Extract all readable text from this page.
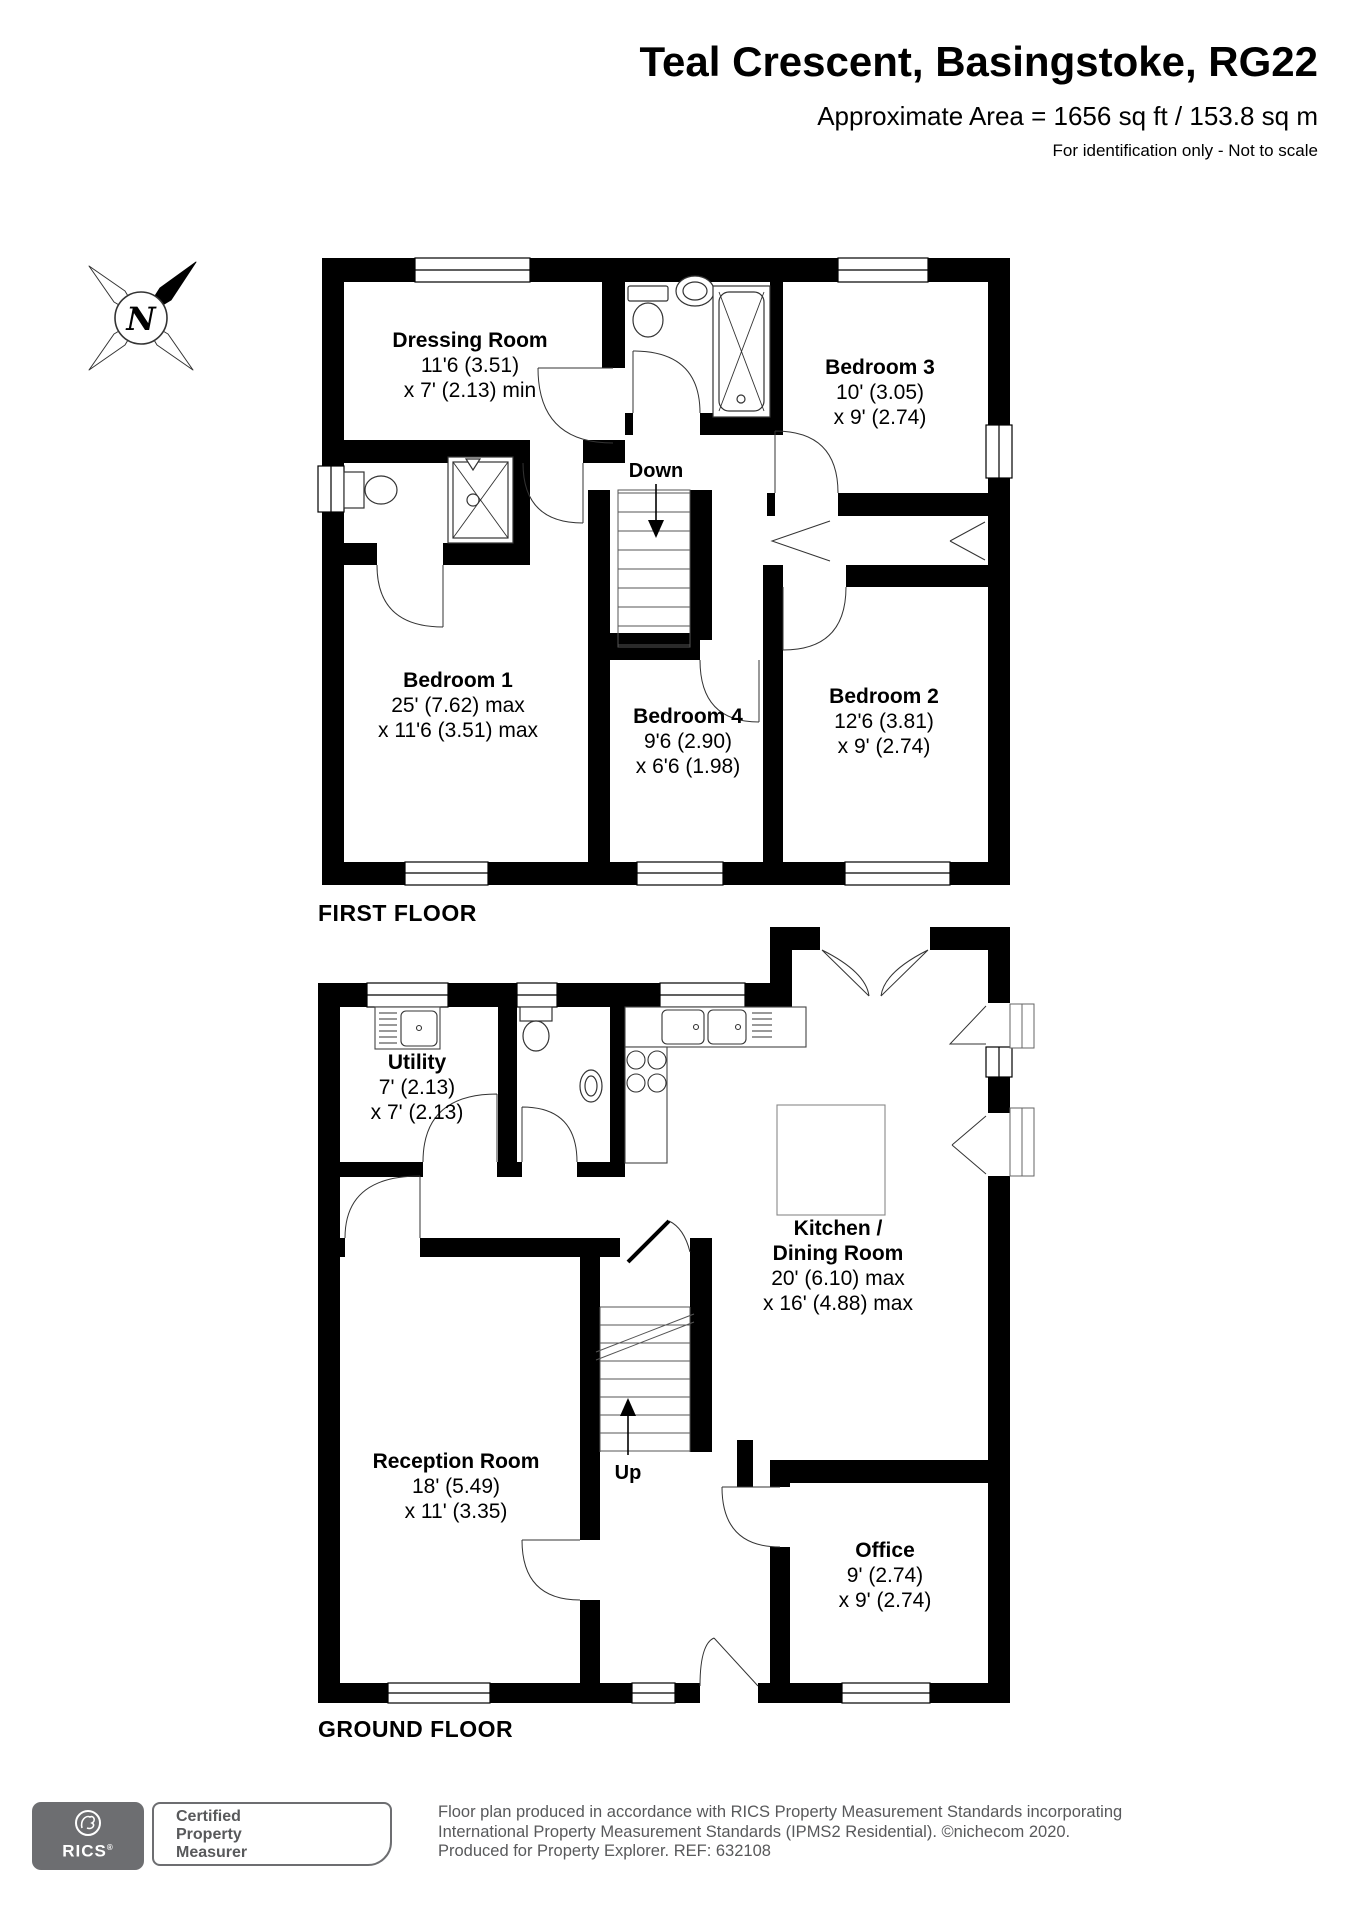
N
Teal Crescent, Basingstoke, RG22
Approximate Area = 1656 sq ft / 153.8 sq m
For identification only - Not to scale
Dressing Room
11'6 (3.51)
x 7' (2.13) min
Bedroom 3
10' (3.05)
x 9' (2.74)
Bedroom 1
25' (7.62) max
x 11'6 (3.51) max
Bedroom 4
9'6 (2.90)
x 6'6 (1.98)
Bedroom 2
12'6 (3.81)
x 9' (2.74)
Down
FIRST FLOOR
Utility
7' (2.13)
x 7' (2.13)
Kitchen /
Dining Room
20' (6.10) max
x 16' (4.88) max
Reception Room
18' (5.49)
x 11' (3.35)
Office
9' (2.74)
x 9' (2.74)
Up
GROUND FLOOR
RICS®
Certified
Property
Measurer
Floor plan produced in accordance with RICS Property Measurement Standards incorporating
International Property Measurement Standards (IPMS2 Residential). ©nichecom 2020.
Produced for Property Explorer. REF: 632108
